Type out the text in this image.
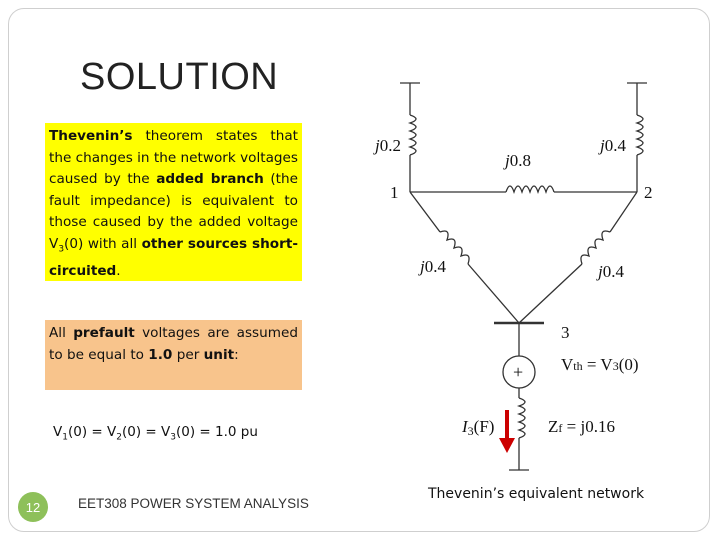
SOLUTION
Thevenin’s theorem states that the changes in the network voltages caused by the added branch (the fault impedance) is equivalent to those caused by the added voltage $V_3(0)$ with all other sources short-circuited.
All prefault voltages are assumed to be equal to 1.0 per unit:
$V_1(0) = V_2(0) = V_3(0) = 1.0$ pu
j0.2	j0.4
j0.8
j0.4	j0.4
1	2
3
+ Vth = V3(0)
I3(F)	Zf = j0.16
Thevenin’s equivalent network
12	EET308 POWER SYSTEM ANALYSIS
